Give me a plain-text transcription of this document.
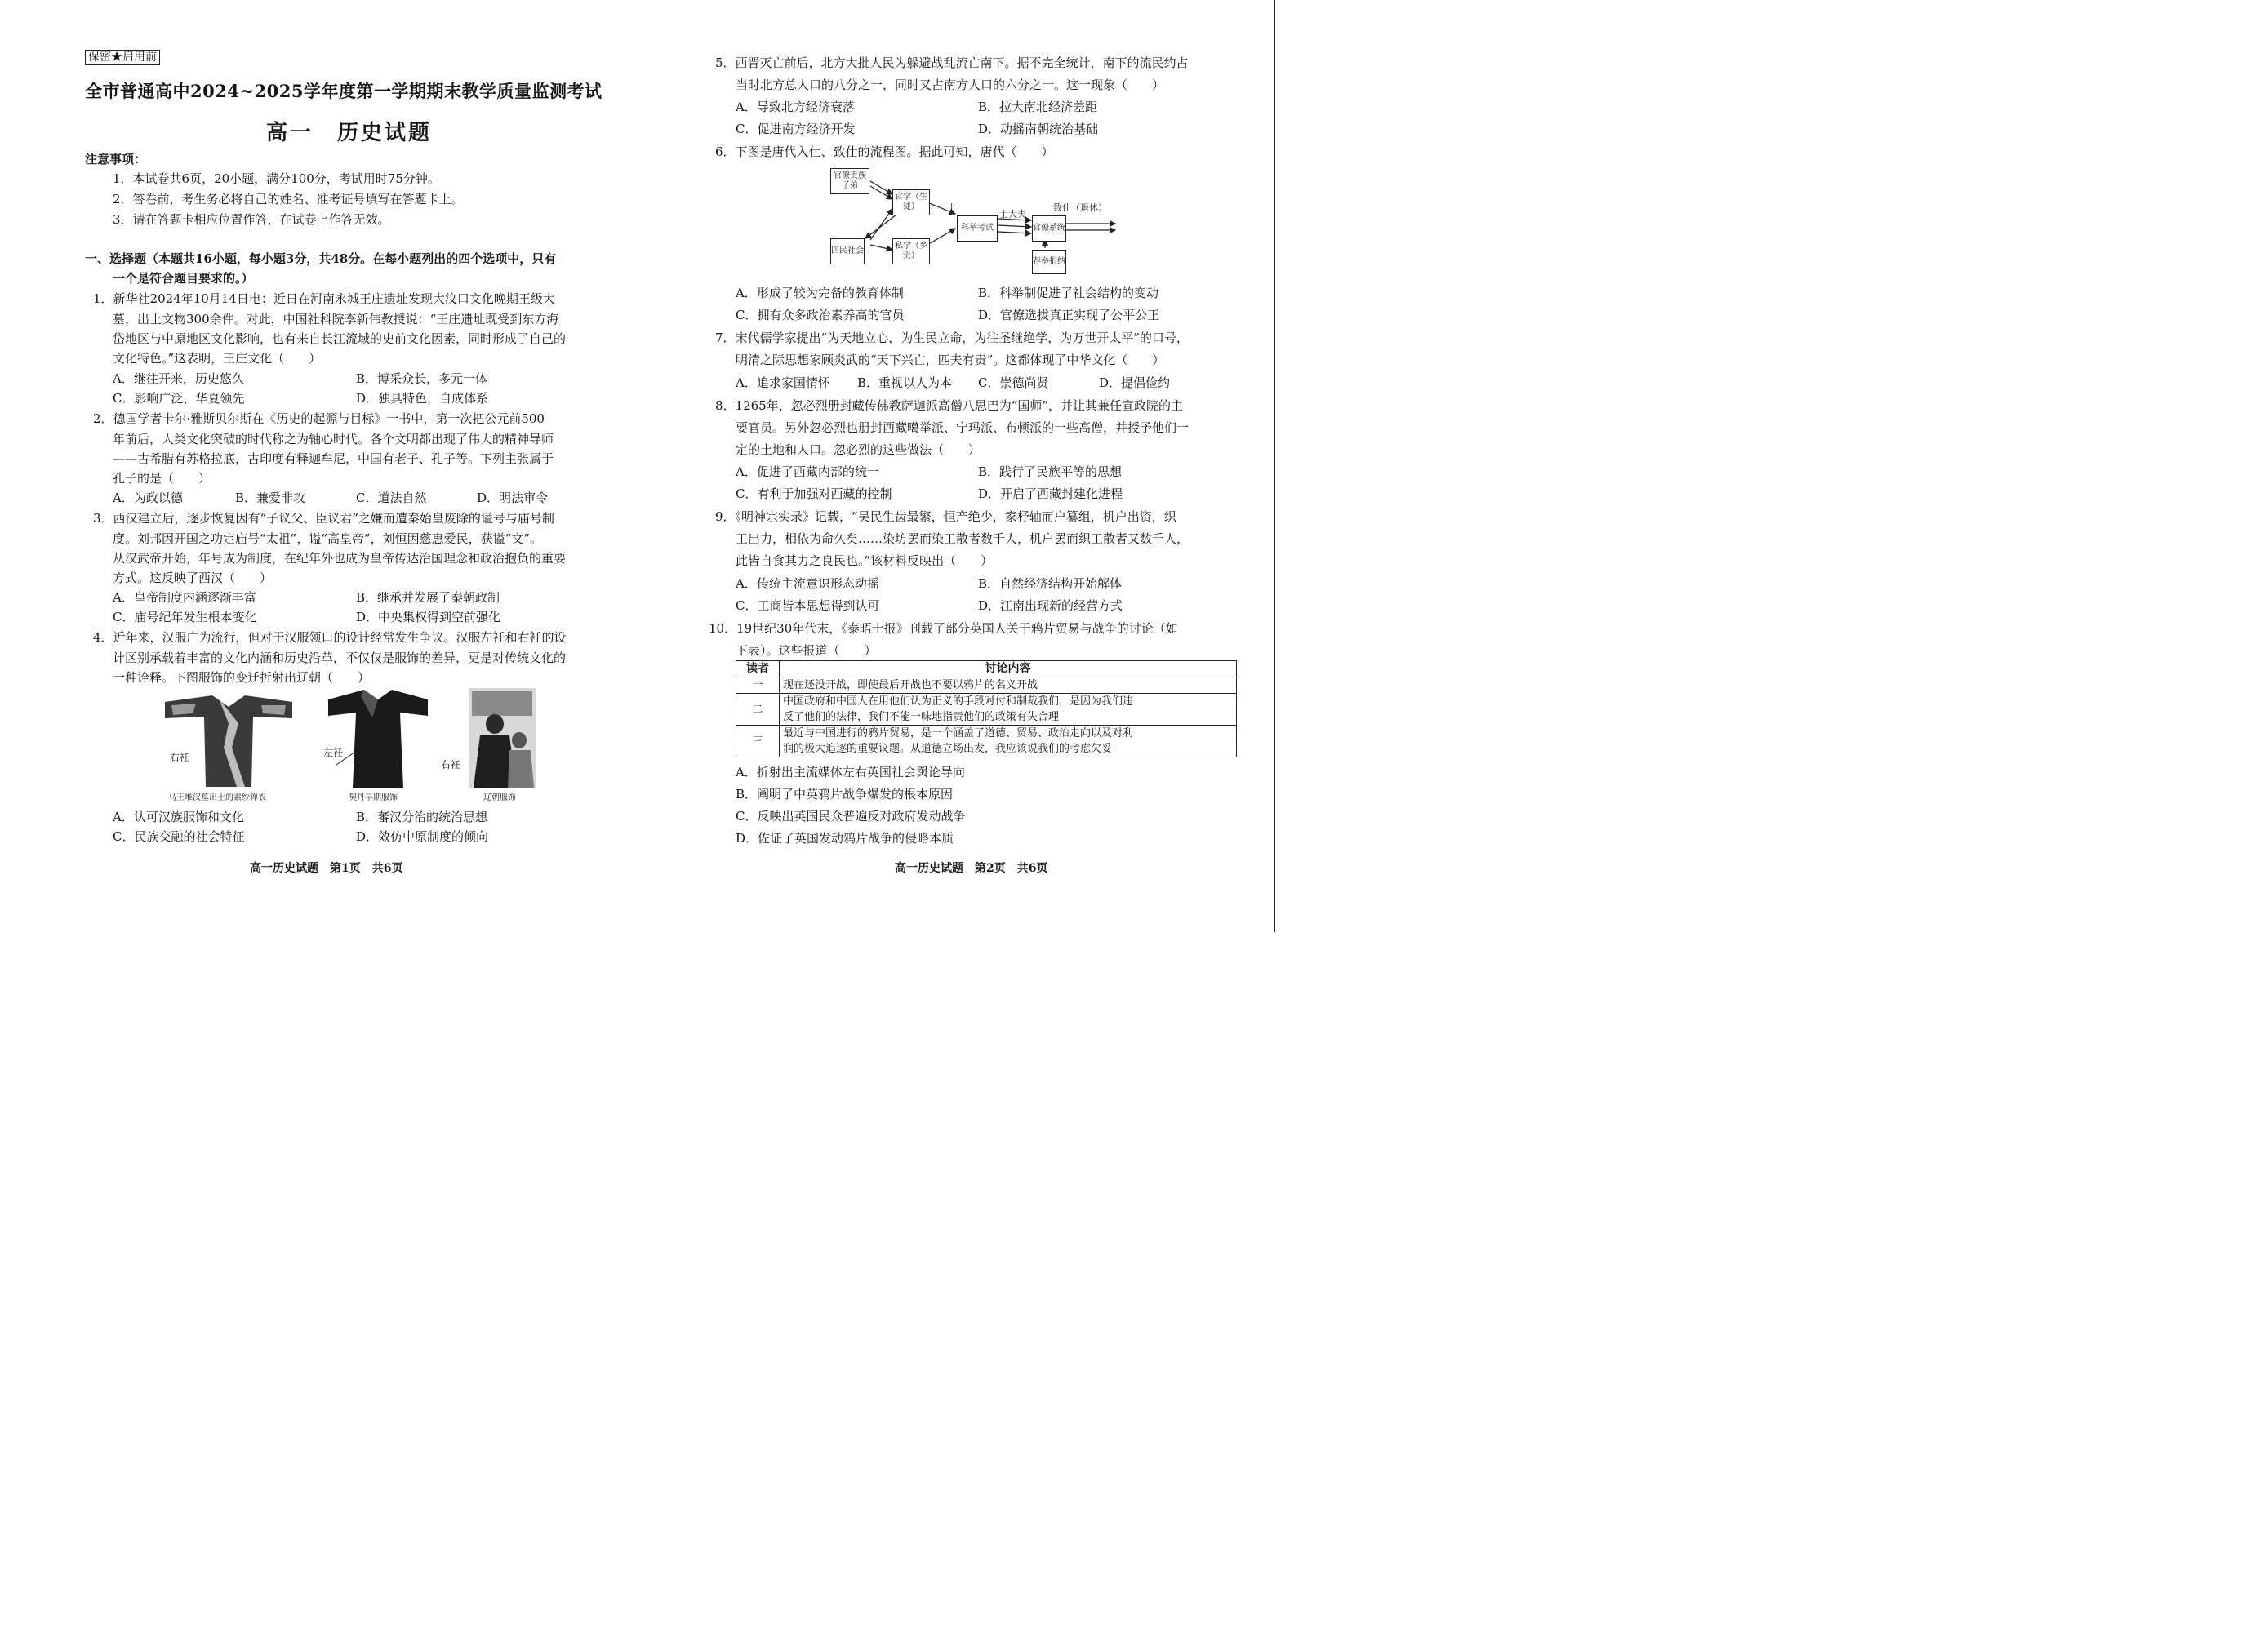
保密★启用前
全市普通高中2024~2025学年度第一学期期末教学质量监测考试
高一　历史试题
注意事项：
1．本试卷共6页，20小题，满分100分，考试用时75分钟。
2．答卷前，考生务必将自己的姓名、准考证号填写在答题卡上。
3．请在答题卡相应位置作答，在试卷上作答无效。
一、选择题（本题共16小题，每小题3分，共48分。在每小题列出的四个选项中，只有
一个是符合题目要求的。）
1．新华社2024年10月14日电：近日在河南永城王庄遗址发现大汶口文化晚期王级大
墓，出土文物300余件。对此，中国社科院李新伟教授说：“王庄遗址既受到东方海
岱地区与中原地区文化影响，也有来自长江流域的史前文化因素，同时形成了自己的
文化特色。”这表明，王庄文化（　　）
A．继往开来，历史悠久	B．博采众长，多元一体
C．影响广泛，华夏领先	D．独具特色，自成体系
2．德国学者卡尔·雅斯贝尔斯在《历史的起源与目标》一书中，第一次把公元前500
年前后，人类文化突破的时代称之为轴心时代。各个文明都出现了伟大的精神导师
——古希腊有苏格拉底，古印度有释迦牟尼，中国有老子、孔子等。下列主张属于
孔子的是（　　）
A．为政以德	B．兼爱非攻	C．道法自然	D．明法审令
3．西汉建立后，逐步恢复因有“子议父、臣议君”之嫌而遭秦始皇废除的谥号与庙号制
度。刘邦因开国之功定庙号“太祖”，谥“高皇帝”，刘恒因慈惠爱民，获谥“文”。
从汉武帝开始，年号成为制度，在纪年外也成为皇帝传达治国理念和政治抱负的重要
方式。这反映了西汉（　　）
A．皇帝制度内涵逐渐丰富	B．继承并发展了秦朝政制
C．庙号纪年发生根本变化	D．中央集权得到空前强化
4．近年来，汉服广为流行，但对于汉服领口的设计经常发生争议。汉服左衽和右衽的设
计区别承载着丰富的文化内涵和历史沿革，不仅仅是服饰的差异，更是对传统文化的
一种诠释。下图服饰的变迁折射出辽朝（　　）
右衽
马王堆汉墓出土的素纱禅衣
左衽
契丹早期服饰
右衽
辽朝服饰
A．认可汉族服饰和文化	B．蕃汉分治的统治思想
C．民族交融的社会特征	D．效仿中原制度的倾向
高一历史试题　第1页　共6页
5．西晋灭亡前后，北方大批人民为躲避战乱流亡南下。据不完全统计，南下的流民约占
当时北方总人口的八分之一，同时又占南方人口的六分之一。这一现象（　　）
A．导致北方经济衰落	B．拉大南北经济差距
C．促进南方经济开发	D．动摇南朝统治基础
6．下图是唐代入仕、致仕的流程图。据此可知，唐代（　　）
官僚贵族子弟
官学（生徒）
四民社会
私学（乡贡）
科举考试	官僚系统
荐举捐纳
士
士大夫
致仕（退休）
A．形成了较为完备的教育体制	B．科举制促进了社会结构的变动
C．拥有众多政治素养高的官员	D．官僚选拔真正实现了公平公正
7．宋代儒学家提出“为天地立心，为生民立命，为往圣继绝学，为万世开太平”的口号，
明清之际思想家顾炎武的“天下兴亡，匹夫有责”。这都体现了中华文化（　　）
A．追求家国情怀 B．重视以人为本 C．崇德尚贤	D．提倡俭约
8．1265年，忽必烈册封藏传佛教萨迦派高僧八思巴为“国师”，并让其兼任宣政院的主
要官员。另外忽必烈也册封西藏噶举派、宁玛派、布顿派的一些高僧，并授予他们一
定的土地和人口。忽必烈的这些做法（　　）
A．促进了西藏内部的统一	B．践行了民族平等的思想
C．有利于加强对西藏的控制	D．开启了西藏封建化进程
9．《明神宗实录》记载，“吴民生齿最繁，恒产绝少，家杼轴而户纂组，机户出资，织
工出力，相依为命久矣……染坊罢而染工散者数千人，机户罢而织工散者又数千人，
此皆自食其力之良民也。”该材料反映出（　　）
A．传统主流意识形态动摇	B．自然经济结构开始解体
C．工商皆本思想得到认可	D．江南出现新的经营方式
10．19世纪30年代末，《泰晤士报》刊载了部分英国人关于鸦片贸易与战争的讨论（如
下表）。这些报道（　　）
读者	讨论内容
一	现在还没开战，即使最后开战也不要以鸦片的名义开战
二	中国政府和中国人在用他们认为正义的手段对付和制裁我们，是因为我们违
反了他们的法律，我们不能一味地指责他们的政策有失合理

三	最近与中国进行的鸦片贸易，是一个涵盖了道德、贸易、政治走向以及对利
润的极大追逐的重要议题。从道德立场出发，我应该说我们的考虑欠妥
A．折射出主流媒体左右英国社会舆论导向
B．阐明了中英鸦片战争爆发的根本原因
C．反映出英国民众普遍反对政府发动战争
D．佐证了英国发动鸦片战争的侵略本质
高一历史试题　第2页　共6页
